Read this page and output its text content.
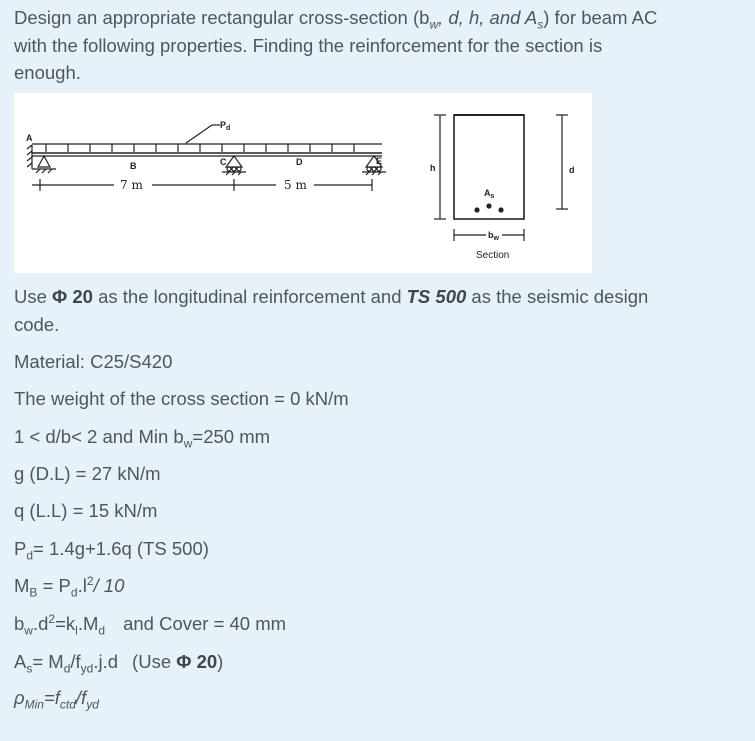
Design an appropriate rectangular cross-section ($b_w$, d, h, and $A_s$) for beam AC
with the following properties. Finding the reinforcement for the section is
enough.
$P_d$
A
B	C	D	E
7 m	5 m
h	d
$A_s$
$b_w$
Section
Use Φ 20 as the longitudinal reinforcement and TS 500 as the seismic design
code.
Material: C25/S420
The weight of the cross section = 0 kN/m
1 < d/b< 2 and Min $b_w=250$ mm
g (D.L) = 27 kN/m
q (L.L) = 15 kN/m
$P_d= 1.4g+1.6q$ (TS 500)
$M_B = P_d.l^2/$ 10
$b_w.d^2=k_l.M_d$ and Cover = 40 mm
$A_s= M_d/f_{yd}.j.d$ (Use Φ 20)
$\rho_{Min}=f_{ctd}/f_{yd}$
